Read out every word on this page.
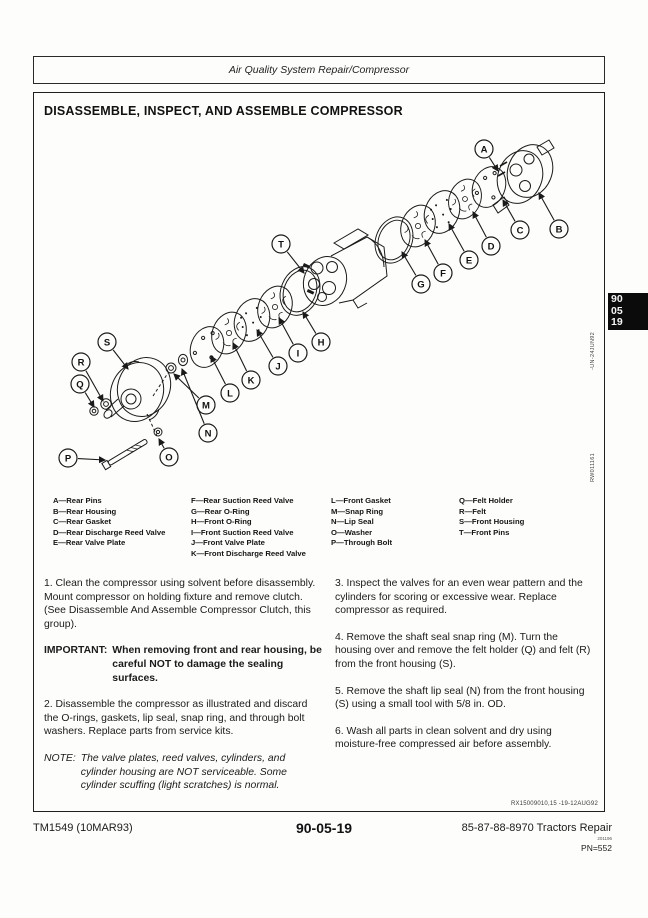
Air Quality System Repair/Compressor
DISASSEMBLE, INSPECT, AND ASSEMBLE COMPRESSOR
A
B
C
D
E
F
G
H
I
J
K
L
M
N
O
P
Q
R
S
T
A—Rear Pins
B—Rear Housing
C—Rear Gasket
D—Rear Discharge Reed Valve
E—Rear Valve Plate
F—Rear Suction Reed Valve
G—Rear O-Ring
H—Front O-Ring
I—Front Suction Reed Valve
J—Front Valve Plate
K—Front Discharge Reed Valve
L—Front Gasket
M—Snap Ring
N—Lip Seal
O—Washer
P—Through Bolt
Q—Felt Holder
R—Felt
S—Front Housing
T—Front Pins
1. Clean the compressor using solvent before disassembly. Mount compressor on holding fixture and remove clutch. (See Disassemble And Assemble Compressor Clutch, this group).
IMPORTANT: When removing front and rear housing, be careful NOT to damage the sealing surfaces.
2. Disassemble the compressor as illustrated and discard the O-rings, gaskets, lip seal, snap ring, and through bolt washers. Replace parts from service kits.
NOTE: The valve plates, reed valves, cylinders, and cylinder housing are NOT serviceable. Some cylinder scuffing (light scratches) is normal.
3. Inspect the valves for an even wear pattern and the cylinders for scoring or excessive wear. Replace compressor as required.
4. Remove the shaft seal snap ring (M). Turn the housing over and remove the felt holder (Q) and felt (R) from the front housing (S).
5. Remove the shaft lip seal (N) from the front housing (S) using a small tool with 5/8 in. OD.
6. Wash all parts in clean solvent and dry using moisture-free compressed air before assembly.
RX15009010,15 -19-12AUG92
90
05
19
RW011161
-UN-24JUN92
TM1549 (10MAR93)	90-05-19	85-87-88-8970 Tractors Repair
201196
PN=552
